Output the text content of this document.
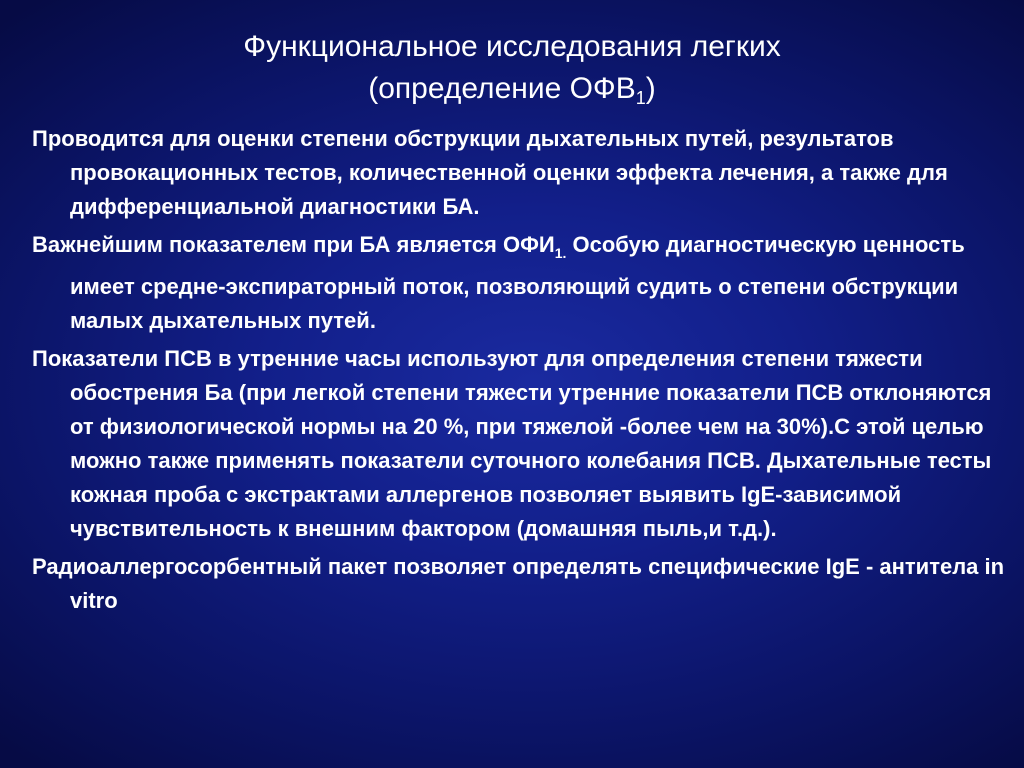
Функциональное исследования легких
(определение $ОФВ_1$)

Проводится для оценки степени обструкции дыхательных путей, результатов провокационных тестов, количественной оценки эффекта лечения, а также для дифференциальной диагностики БА.

Важнейшим показателем при БА является $ОФИ_{1.}$ Особую диагностическую ценность имеет средне-экспираторный поток, позволяющий судить о степени обструкции малых дыхательных путей.

Показатели ПСВ в утренние часы используют для определения степени тяжести обострения Ба (при легкой степени тяжести утренние показатели ПСВ отклоняются от физиологической нормы на 20 %, при тяжелой -более чем на 30%).С этой целью можно также применять показатели суточного колебания ПСВ. Дыхательные тесты кожная проба с экстрактами аллергенов позволяет выявить IgE-зависимой чувствительность к внешним фактором (домашняя пыль,и т.д.).

Радиоаллергосорбентный пакет позволяет определять специфические IgE - антитела in vitro
